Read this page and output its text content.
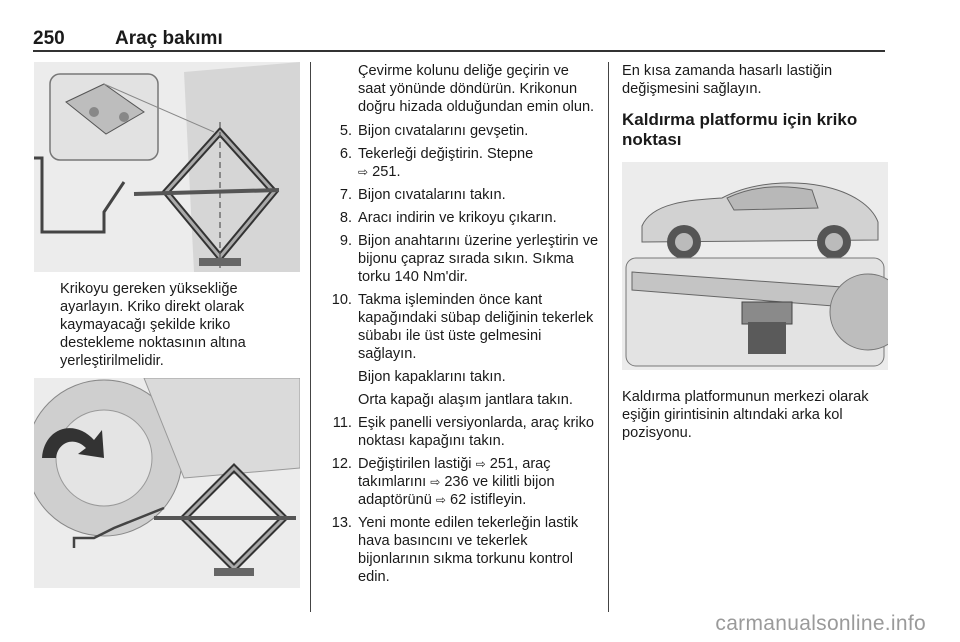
250	Araç bakımı

Krikoyu gereken yüksekliğe ayarlayın. Kriko direkt olarak kaymayacağı şekilde kriko destekleme noktasının altına yerleştirilmelidir.

Çevirme kolunu deliğe geçirin ve saat yönünde döndürün. Krikonun doğru hizada olduğundan emin olun.

5. Bijon cıvatalarını gevşetin.
6. Tekerleği değiştirin. Stepne
⇨ 251.
7. Bijon cıvatalarını takın.
8. Aracı indirin ve krikoyu çıkarın.
9. Bijon anahtarını üzerine yerleştirin ve bijonu çapraz sırada sıkın. Sıkma torku 140 Nm'dir.
10. Takma işleminden önce kant kapağındaki sübap deliğinin tekerlek sübabı ile üst üste gelmesini sağlayın.
Bijon kapaklarını takın.
Orta kapağı alaşım jantlara takın.
11. Eşik panelli versiyonlarda, araç kriko noktası kapağını takın.
12. Değiştirilen lastiği ⇨ 251, araç takımlarını ⇨ 236 ve kilitli bijon adaptörünü ⇨ 62 istifleyin.
13. Yeni monte edilen tekerleğin lastik hava basıncını ve tekerlek bijonlarının sıkma torkunu kontrol edin.

En kısa zamanda hasarlı lastiğin değişmesini sağlayın.

Kaldırma platformu için kriko noktası

Kaldırma platformunun merkezi olarak eşiğin girintisinin altındaki arka kol pozisyonu.

carmanualsonline.info
